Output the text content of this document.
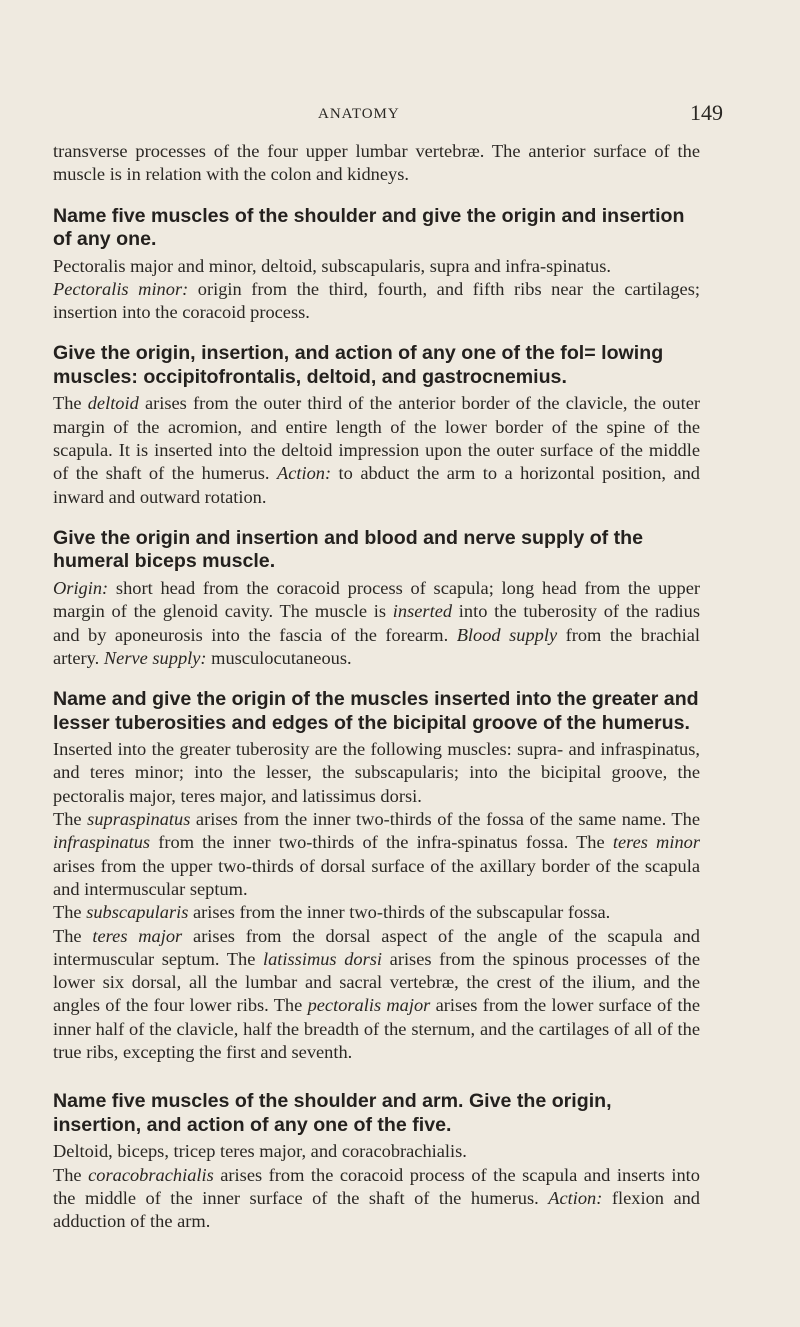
ANATOMY	149

transverse processes of the four upper lumbar vertebræ. The anterior surface of the muscle is in relation with the colon and kidneys.

Name five muscles of the shoulder and give the origin and insertion of any one.

Pectoralis major and minor, deltoid, subscapularis, supra and infra-spinatus.

Pectoralis minor: origin from the third, fourth, and fifth ribs near the cartilages; insertion into the coracoid process.

Give the origin, insertion, and action of any one of the fol= lowing muscles: occipitofrontalis, deltoid, and gastrocnemius.

The deltoid arises from the outer third of the anterior border of the clavicle, the outer margin of the acromion, and entire length of the lower border of the spine of the scapula. It is inserted into the deltoid impression upon the outer surface of the middle of the shaft of the humerus. Action: to abduct the arm to a horizontal position, and inward and outward rotation.

Give the origin and insertion and blood and nerve supply of the humeral biceps muscle.

Origin: short head from the coracoid process of scapula; long head from the upper margin of the glenoid cavity. The muscle is inserted into the tuberosity of the radius and by aponeurosis into the fascia of the forearm. Blood supply from the brachial artery. Nerve supply: musculocutaneous.

Name and give the origin of the muscles inserted into the greater and lesser tuberosities and edges of the bicipital groove of the humerus.

Inserted into the greater tuberosity are the following muscles: supra- and infraspinatus, and teres minor; into the lesser, the subscapularis; into the bicipital groove, the pectoralis major, teres major, and latissimus dorsi.

The supraspinatus arises from the inner two-thirds of the fossa of the same name. The infraspinatus from the inner two-thirds of the infra-spinatus fossa. The teres minor arises from the upper two-thirds of dorsal surface of the axillary border of the scapula and intermuscular septum.

The subscapularis arises from the inner two-thirds of the subscapular fossa.

The teres major arises from the dorsal aspect of the angle of the scapula and intermuscular septum. The latissimus dorsi arises from the spinous processes of the lower six dorsal, all the lumbar and sacral vertebræ, the crest of the ilium, and the angles of the four lower ribs. The pectoralis major arises from the lower surface of the inner half of the clavicle, half the breadth of the sternum, and the cartilages of all of the true ribs, excepting the first and seventh.

Name five muscles of the shoulder and arm. Give the origin, insertion, and action of any one of the five.

Deltoid, biceps, tricep teres major, and coracobrachialis.

The coracobrachialis arises from the coracoid process of the scapula and inserts into the middle of the inner surface of the shaft of the humerus. Action: flexion and adduction of the arm.
